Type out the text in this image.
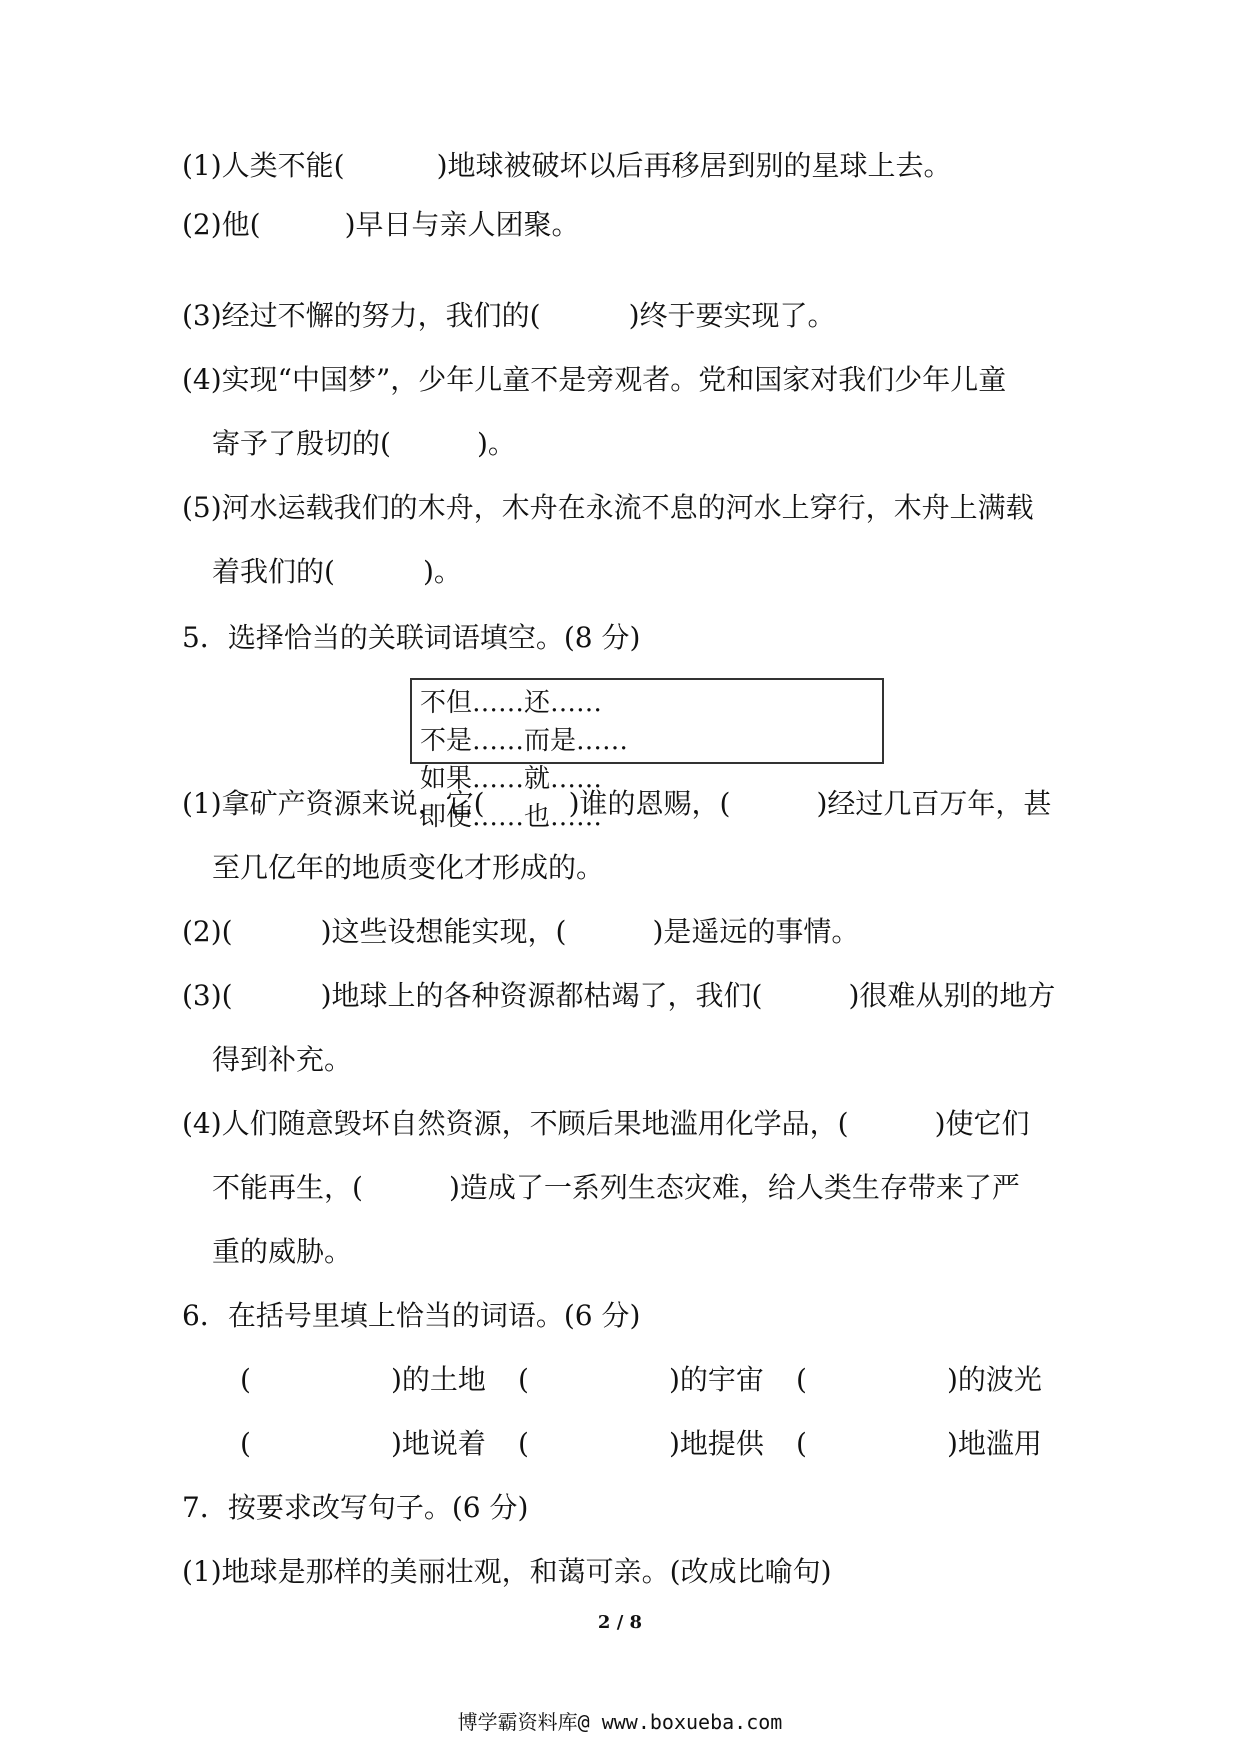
(1)人类不能(	)地球被破坏以后再移居到别的星球上去。
(2)他(	)早日与亲人团聚。
(3)经过不懈的努力，我们的(	)终于要实现了。
(4)实现“中国梦”，少年儿童不是旁观者。党和国家对我们少年儿童
寄予了殷切的(	)。
(5)河水运载我们的木舟，木舟在永流不息的河水上穿行，木舟上满载
着我们的(	)。
5．选择恰当的关联词语填空。(8 分)
不但……还……不是……而是……
如果……就……即使……也……
(1)拿矿产资源来说，它(	)谁的恩赐，(	)经过几百万年，甚
至几亿年的地质变化才形成的。
(2)(	)这些设想能实现，(	)是遥远的事情。
(3)(	)地球上的各种资源都枯竭了，我们(	)很难从别的地方
得到补充。
(4)人们随意毁坏自然资源，不顾后果地滥用化学品，(	)使它们
不能再生，(	)造成了一系列生态灾难，给人类生存带来了严
重的威胁。
6．在括号里填上恰当的词语。(6 分)
(	)的土地 (	)的宇宙 (	)的波光
(	)地说着 (	)地提供 (	)地滥用
7．按要求改写句子。(6 分)
(1)地球是那样的美丽壮观，和蔼可亲。(改成比喻句)
2 / 8
博学霸资料库@ www.boxueba.com
